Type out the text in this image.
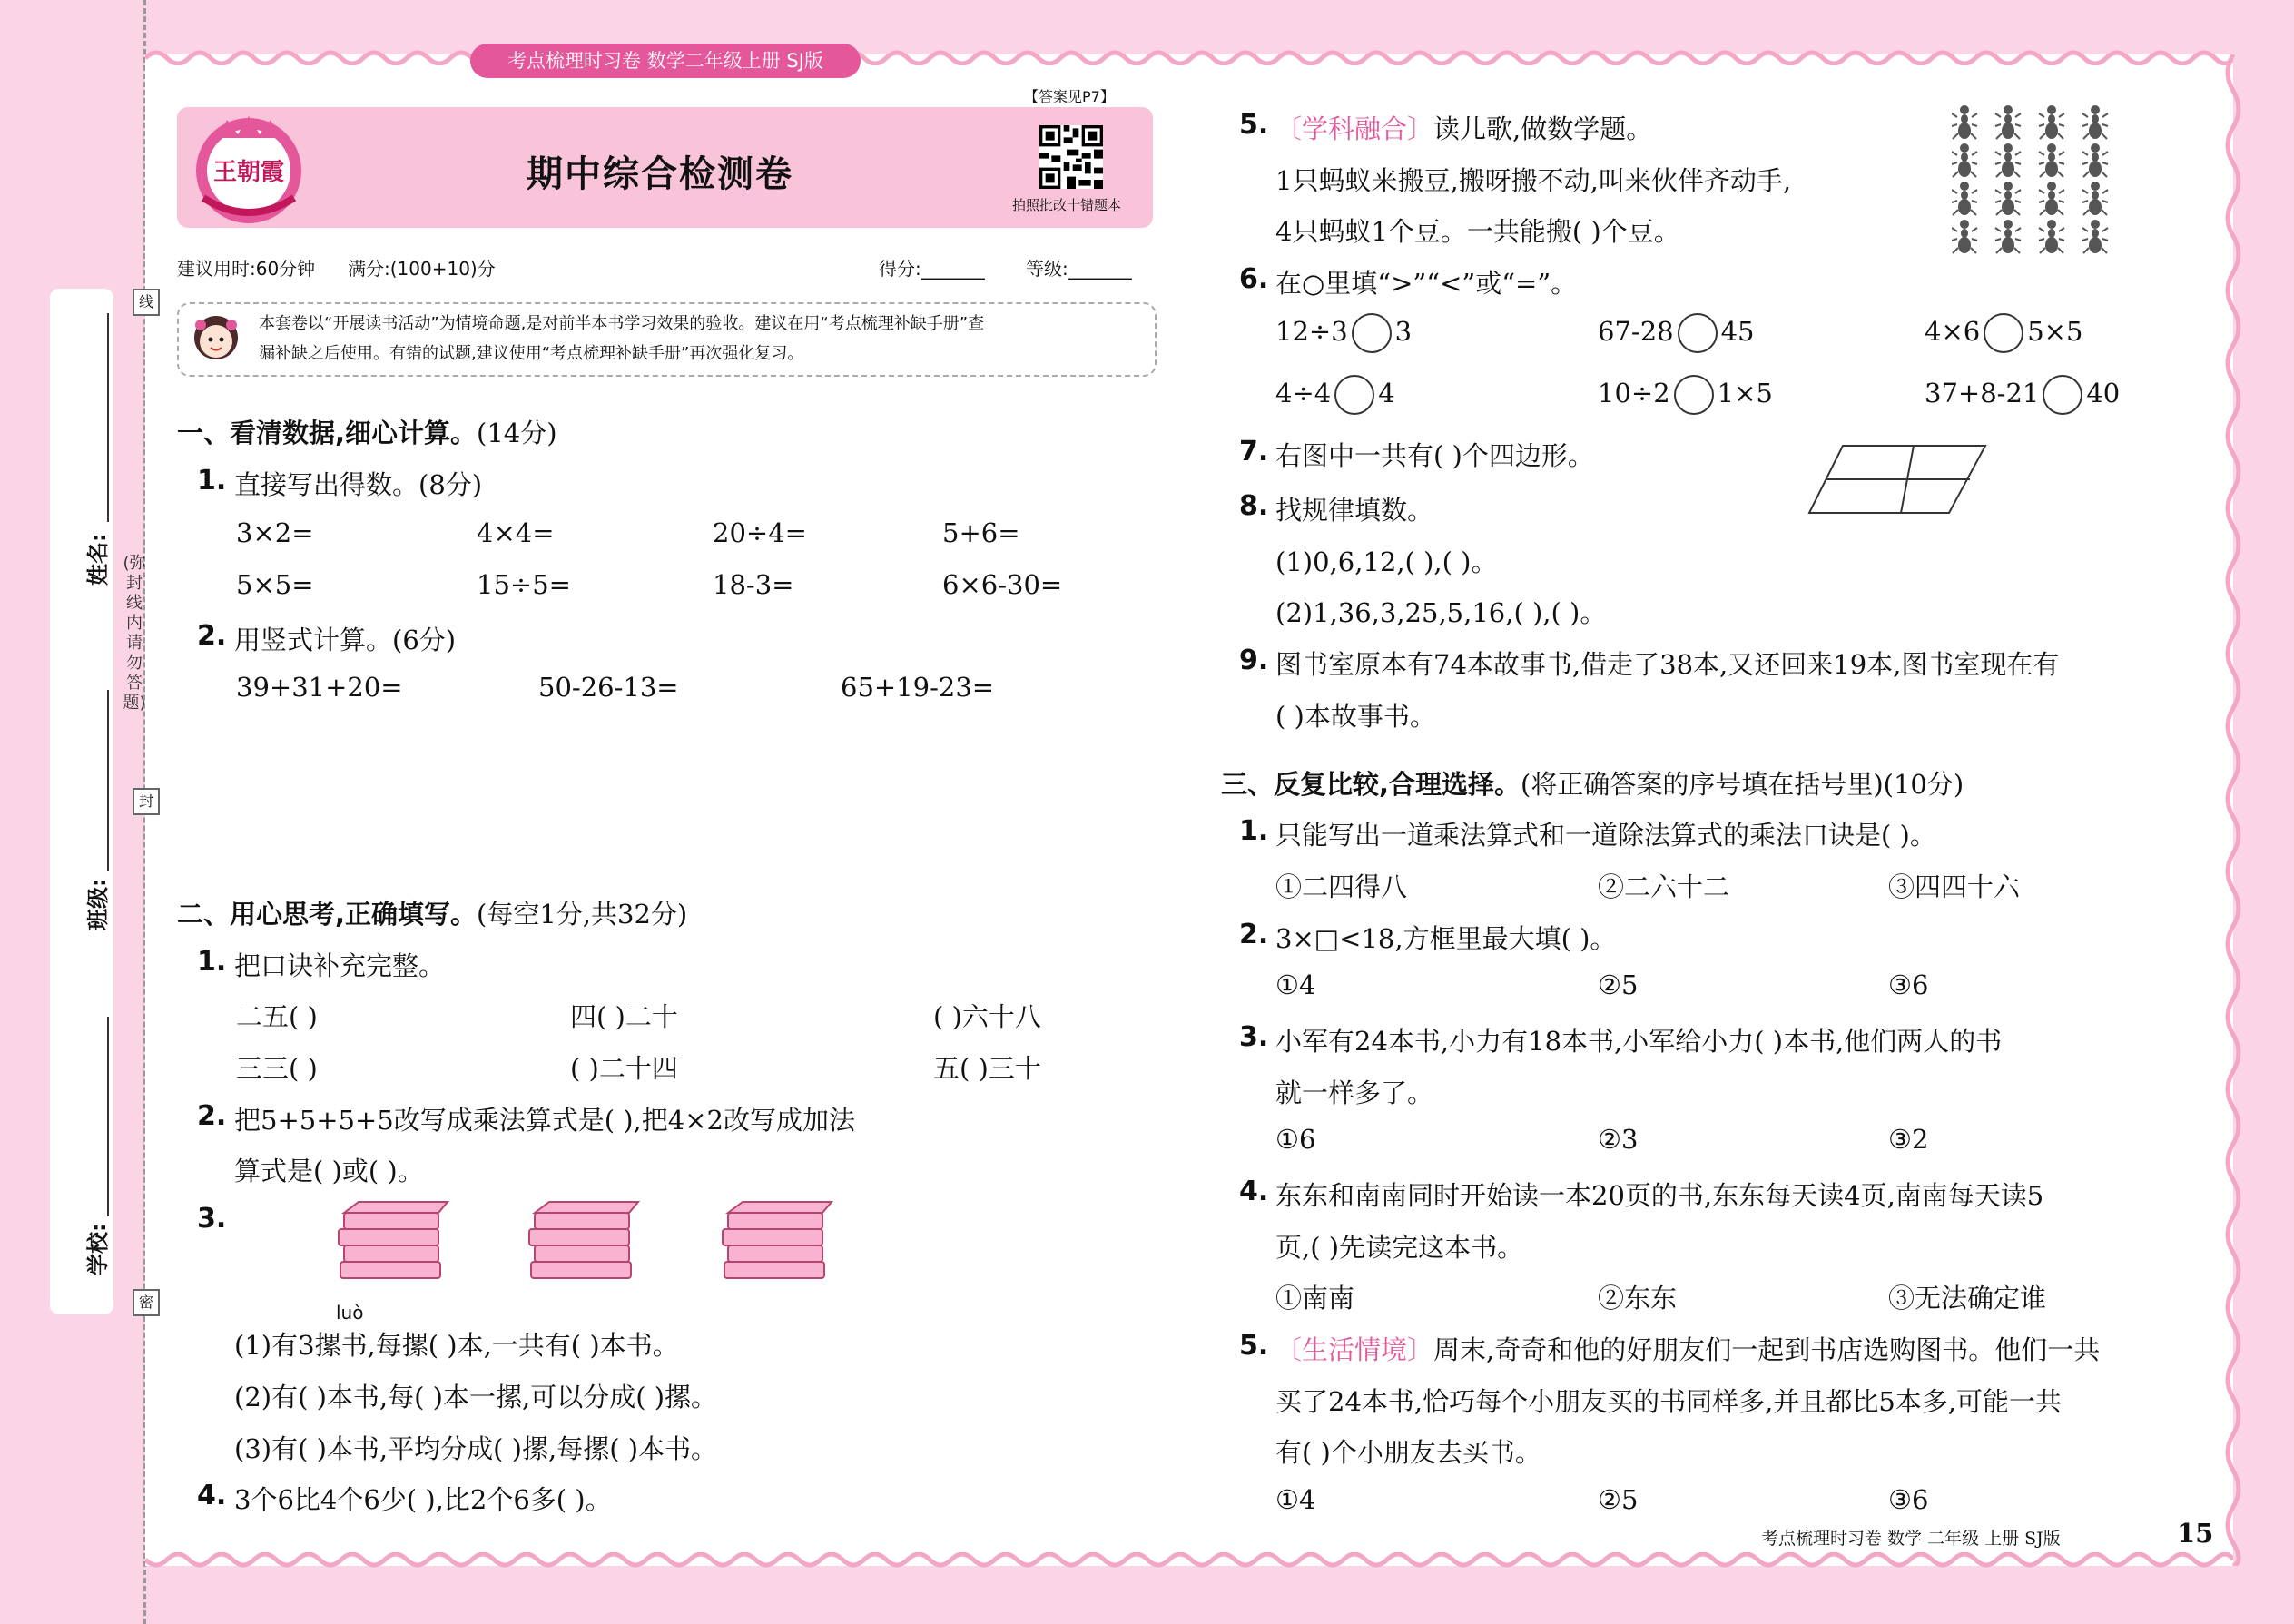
姓名:
班级:
学校:
(弥封线内请勿答题)
线
封
密
考点梳理时习卷 数学二年级上册 SJ版
【答案见P7】
王朝霞	期中综合检测卷
拍照批改十错题本
建议用时:60分钟 满分:(100+10)分	得分:_______ 等级:_______
本套卷以“开展读书活动”为情境命题,是对前半本书学习效果的验收。建议在用“考点梳理补缺手册”查
漏补缺之后使用。有错的试题,建议使用“考点梳理补缺手册”再次强化复习。
一、看清数据,细心计算。(14分)
1. 直接写出得数。(8分)
3×2=	4×4=	20÷4=	5+6=
5×5=	15÷5=	18-3=	6×6-30=
2. 用竖式计算。(6分)
39+31+20=	50-26-13=	65+19-23=
二、用心思考,正确填写。(每空1分,共32分)
1. 把口诀补充完整。
二五( )	四( )二十	( )六十八
三三( )	( )二十四	五( )三十
2. 把5+5+5+5改写成乘法算式是( ),把4×2改写成加法
算式是( )或( )。
3.
luò
(1)有3摞书,每摞( )本,一共有( )本书。
(2)有( )本书,每( )本一摞,可以分成( )摞。
(3)有( )本书,平均分成( )摞,每摞( )本书。
4. 3个6比4个6少( ),比2个6多( )。
5. 〔学科融合〕读儿歌,做数学题。
1只蚂蚁来搬豆,搬呀搬不动,叫来伙伴齐动手,
4只蚂蚁1个豆。一共能搬( )个豆。
6. 在○里填“>”“<”或“=”。
12÷3 3	67-28 45	4×6 5×5
4÷4 4	10÷2 1×5	37+8-21 40
7. 右图中一共有( )个四边形。
8. 找规律填数。
(1)0,6,12,( ),( )。
(2)1,36,3,25,5,16,( ),( )。
9. 图书室原本有74本故事书,借走了38本,又还回来19本,图书室现在有
( )本故事书。
三、反复比较,合理选择。(将正确答案的序号填在括号里)(10分)
1. 只能写出一道乘法算式和一道除法算式的乘法口诀是( )。
①二四得八	②二六十二	③四四十六
2. 3×□<18,方框里最大填( )。
①4	②5	③6
3. 小军有24本书,小力有18本书,小军给小力( )本书,他们两人的书
就一样多了。
①6	②3	③2
4. 东东和南南同时开始读一本20页的书,东东每天读4页,南南每天读5
页,( )先读完这本书。
①南南	②东东	③无法确定谁
5. 〔生活情境〕周末,奇奇和他的好朋友们一起到书店选购图书。他们一共
买了24本书,恰巧每个小朋友买的书同样多,并且都比5本多,可能一共
有( )个小朋友去买书。
①4	②5	③6
考点梳理时习卷 数学 二年级 上册 SJ版	15
